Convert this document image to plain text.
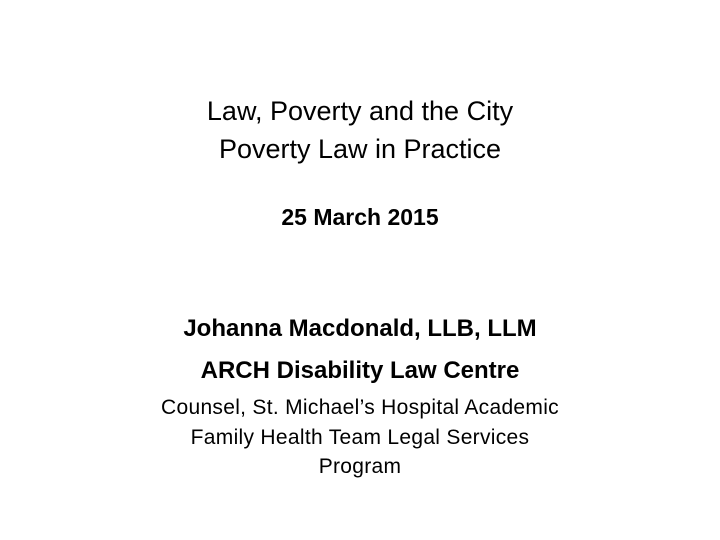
Law, Poverty and the City
Poverty Law in Practice
25 March 2015
Johanna Macdonald, LLB, LLM
ARCH Disability Law Centre
Counsel, St. Michael’s Hospital Academic
Family Health Team Legal Services
Program
